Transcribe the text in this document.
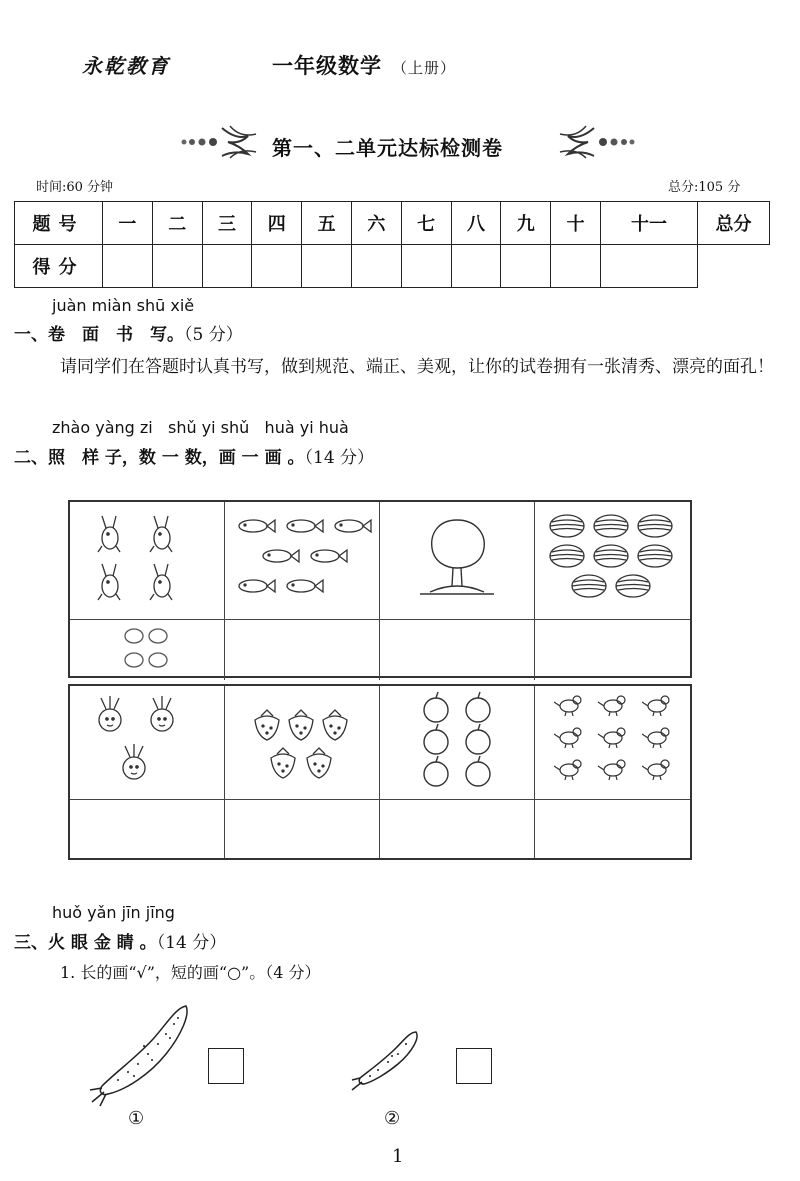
永乾教育	一年级数学 （上册）
第一、二单元达标检测卷
时间:60 分钟	总分:105 分
题号	一	二	三	四	五	六	七	八	九	十	十一	总分
得分												
juàn miàn shū xiě
一、卷　面　书　写。（5 分）
请同学们在答题时认真书写，做到规范、端正、美观，让你的试卷拥有一张清秀、漂亮的面孔！
zhào yàng zi   shǔ yi shǔ   huà yi huà
二、照　样 子，数 一 数，画 一 画 。（14 分）
huǒ yǎn jīn jīng
三、火 眼 金 睛 。（14 分）
1. 长的画“√”，短的画“○”。（4 分）
①	②
1
